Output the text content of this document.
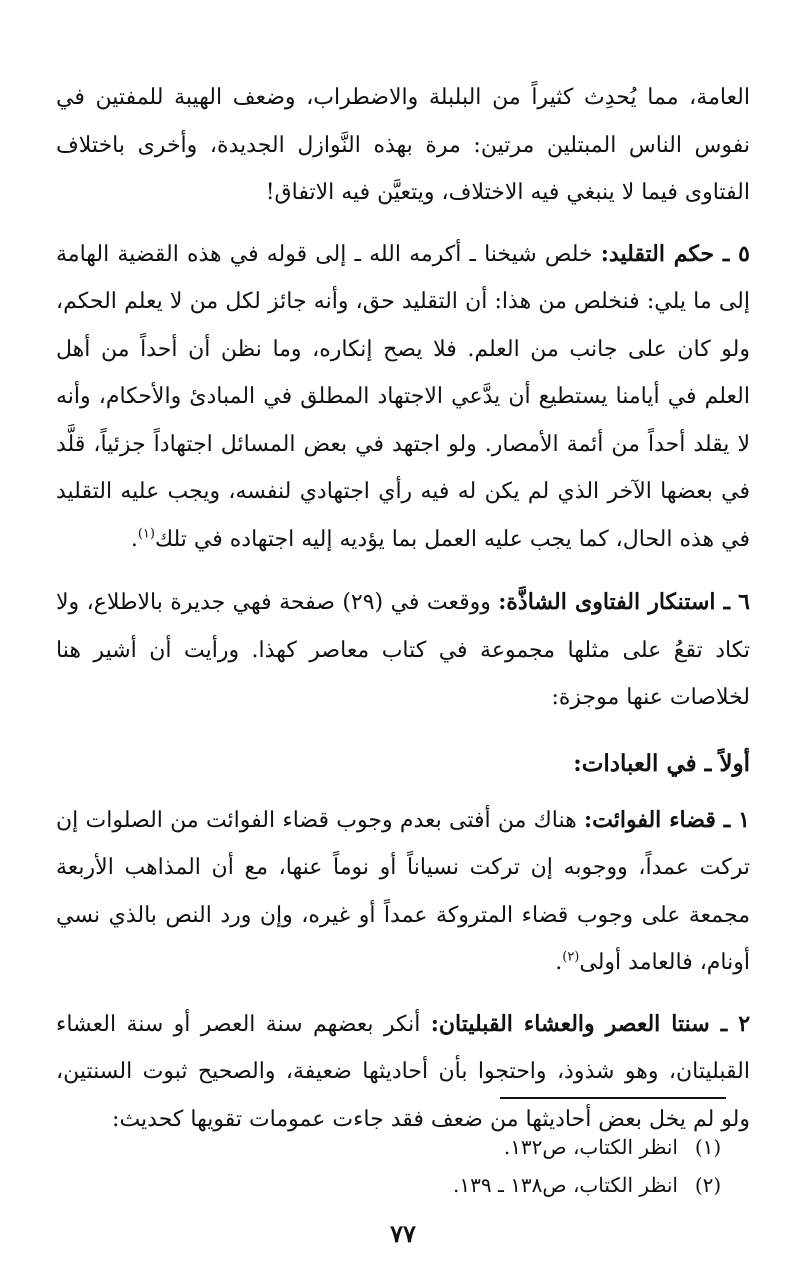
العامة، مما يُحدِث كثيراً من البلبلة والاضطراب، وضعف الهيبة للمفتين في نفوس الناس المبتلين مرتين: مرة بهذه النَّوازل الجديدة، وأخرى باختلاف الفتاوى فيما لا ينبغي فيه الاختلاف، ويتعيَّن فيه الاتفاق!

٥ ـ حكم التقليد: خلص شيخنا ـ أكرمه الله ـ إلى قوله في هذه القضية الهامة إلى ما يلي: فنخلص من هذا: أن التقليد حق، وأنه جائز لكل من لا يعلم الحكم، ولو كان على جانب من العلم. فلا يصح إنكاره، وما نظن أن أحداً من أهل العلم في أيامنا يستطيع أن يدَّعي الاجتهاد المطلق في المبادئ والأحكام، وأنه لا يقلد أحداً من أئمة الأمصار. ولو اجتهد في بعض المسائل اجتهاداً جزئياً، قلَّد في بعضها الآخر الذي لم يكن له فيه رأي اجتهادي لنفسه، ويجب عليه التقليد في هذه الحال، كما يجب عليه العمل بما يؤديه إليه اجتهاده في تلك$^{(١)}$.

٦ ـ استنكار الفتاوى الشاذَّة: ووقعت في (٢٩) صفحة فهي جديرة بالاطلاع، ولا تكاد تقعُ على مثلها مجموعة في كتاب معاصر كهذا. ورأيت أن أشير هنا لخلاصات عنها موجزة:

أولاً ـ في العبادات:

١ ـ قضاء الفوائت: هناك من أفتى بعدم وجوب قضاء الفوائت من الصلوات إن تركت عمداً، ووجوبه إن تركت نسياناً أو نوماً عنها، مع أن المذاهب الأربعة مجمعة على وجوب قضاء المتروكة عمداً أو غيره، وإن ورد النص بالذي نسي أونام، فالعامد أولى$^{(٢)}$.

٢ ـ سنتا العصر والعشاء القبليتان: أنكر بعضهم سنة العصر أو سنة العشاء القبليتان، وهو شذوذ، واحتجوا بأن أحاديثها ضعيفة، والصحيح ثبوت السنتين، ولو لم يخل بعض أحاديثها من ضعف فقد جاءت عمومات تقويها كحديث:

(١)
انظر الكتاب، ص١٣٢.
(٢)
انظر الكتاب، ص١٣٨ ـ ١٣٩.
٧٧
